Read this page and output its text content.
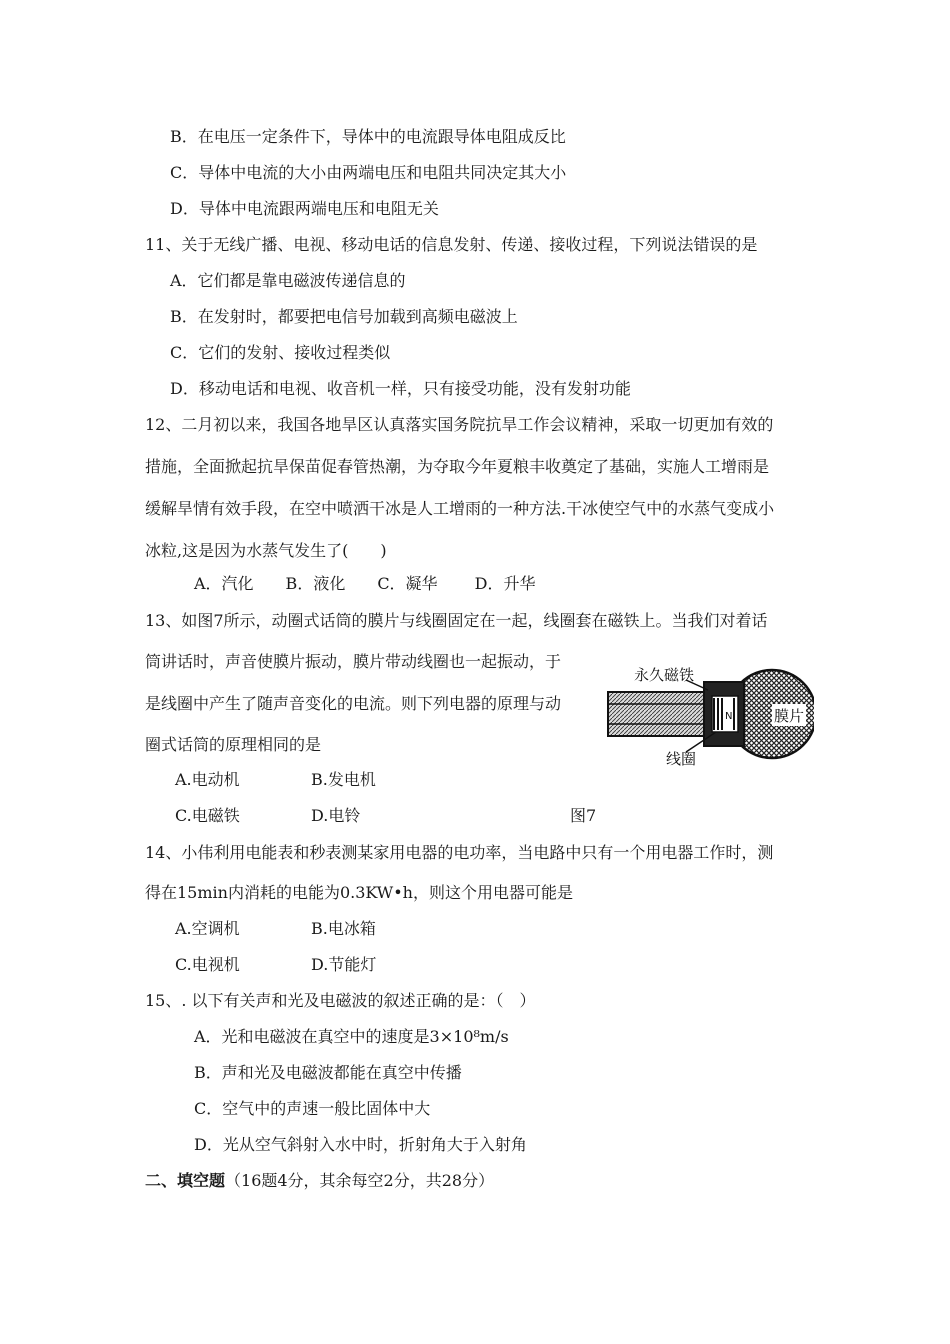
B．在电压一定条件下，导体中的电流跟导体电阻成反比
C．导体中电流的大小由两端电压和电阻共同决定其大小
D．导体中电流跟两端电压和电阻无关
11、关于无线广播、电视、移动电话的信息发射、传递、接收过程，下列说法错误的是
A．它们都是靠电磁波传递信息的
B．在发射时，都要把电信号加载到高频电磁波上
C．它们的发射、接收过程类似
D．移动电话和电视、收音机一样，只有接受功能，没有发射功能
12、二月初以来，我国各地旱区认真落实国务院抗旱工作会议精神，采取一切更加有效的
措施，全面掀起抗旱保苗促春管热潮，为夺取今年夏粮丰收奠定了基础，实施人工增雨是
缓解旱情有效手段，在空中喷洒干冰是人工增雨的一种方法.干冰使空气中的水蒸气变成小
冰粒,这是因为水蒸气发生了(　　)
A．汽化　　B．液化　　C．凝华　　 D．升华
13、如图7所示，动圈式话筒的膜片与线圈固定在一起，线圈套在磁铁上。当我们对着话
筒讲话时，声音使膜片振动，膜片带动线圈也一起振动，于
是线圈中产生了随声音变化的电流。则下列电器的原理与动
圈式话筒的原理相同的是
A.电动机	B.发电机
C.电磁铁	D.电铃	图7
N
永久磁铁
线圈
膜片
14、小伟利用电能表和秒表测某家用电器的电功率，当电路中只有一个用电器工作时，测
得在15min内消耗的电能为0.3KW•h，则这个用电器可能是
A.空调机	B.电冰箱
C.电视机	D.节能灯
15、. 以下有关声和光及电磁波的叙述正确的是：（　）
A．光和电磁波在真空中的速度是3×10⁸m/s
B．声和光及电磁波都能在真空中传播
C．空气中的声速一般比固体中大
D．光从空气斜射入水中时，折射角大于入射角
二、填空题（16题4分，其余每空2分，共28分）
